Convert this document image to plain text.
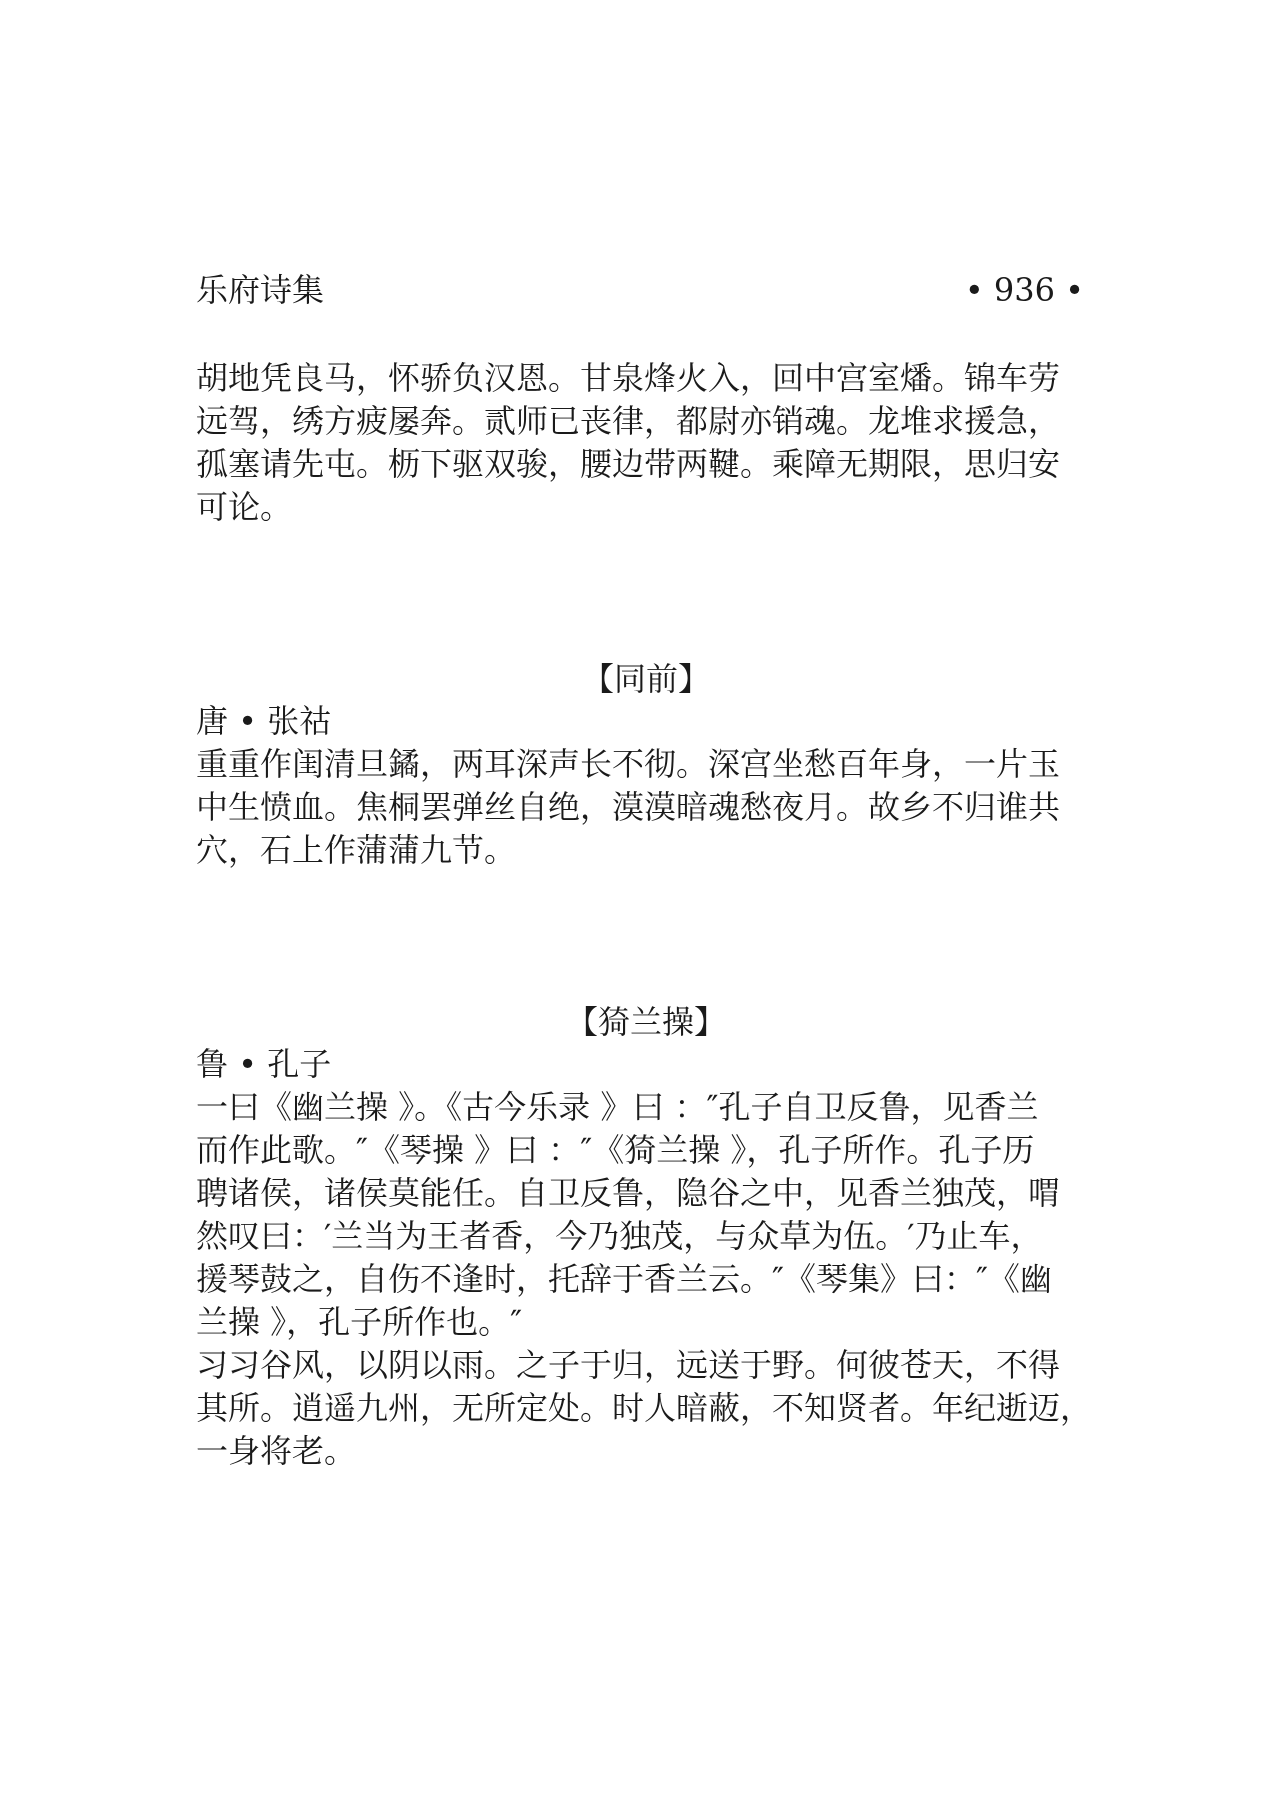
乐府诗集	• 936 •

胡地凭良马，怀骄负汉恩。甘泉烽火入，回中宫室燔。锦车劳

远驾，绣方疲屡奔。贰师已丧律，都尉亦销魂。龙堆求援急，

孤塞请先屯。枥下驱双骏，腰边带两鞬。乘障无期限，思归安

可论。

【同前】

唐 • 张祜

重重作闺清旦鐍，两耳深声长不彻。深宫坐愁百年身，一片玉

中生愤血。焦桐罢弹丝自绝，漠漠暗魂愁夜月。故乡不归谁共

穴，石上作蒲蒲九节。

【猗兰操】

鲁 • 孔子

一曰《幽兰操 》。《古今乐录 》曰 ：″孔子自卫反鲁，见香兰

而作此歌。″《琴操 》曰 ：″《猗兰操 》，孔子所作。孔子历

聘诸侯，诸侯莫能任。自卫反鲁，隐谷之中，见香兰独茂，喟

然叹曰：′兰当为王者香，今乃独茂，与众草为伍。′乃止车，

援琴鼓之，自伤不逢时，托辞于香兰云。″《琴集》曰：″《幽

兰操 》，孔子所作也。″

习习谷风，以阴以雨。之子于归，远送于野。何彼苍天，不得

其所。逍遥九州，无所定处。时人暗蔽，不知贤者。年纪逝迈，

一身将老。
